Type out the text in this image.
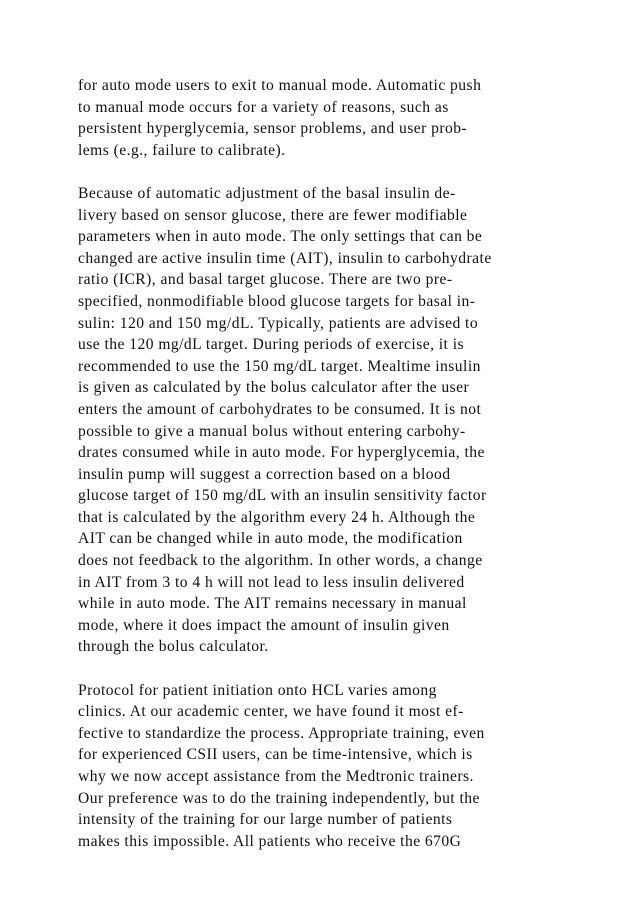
for auto mode users to exit to manual mode. Automatic push
to manual mode occurs for a variety of reasons, such as
persistent hyperglycemia, sensor problems, and user prob-
lems (e.g., failure to calibrate).

Because of automatic adjustment of the basal insulin de-
livery based on sensor glucose, there are fewer modifiable
parameters when in auto mode. The only settings that can be
changed are active insulin time (AIT), insulin to carbohydrate
ratio (ICR), and basal target glucose. There are two pre-
specified, nonmodifiable blood glucose targets for basal in-
sulin: 120 and 150 mg/dL. Typically, patients are advised to
use the 120 mg/dL target. During periods of exercise, it is
recommended to use the 150 mg/dL target. Mealtime insulin
is given as calculated by the bolus calculator after the user
enters the amount of carbohydrates to be consumed. It is not
possible to give a manual bolus without entering carbohy-
drates consumed while in auto mode. For hyperglycemia, the
insulin pump will suggest a correction based on a blood
glucose target of 150 mg/dL with an insulin sensitivity factor
that is calculated by the algorithm every 24 h. Although the
AIT can be changed while in auto mode, the modification
does not feedback to the algorithm. In other words, a change
in AIT from 3 to 4 h will not lead to less insulin delivered
while in auto mode. The AIT remains necessary in manual
mode, where it does impact the amount of insulin given
through the bolus calculator.

Protocol for patient initiation onto HCL varies among
clinics. At our academic center, we have found it most ef-
fective to standardize the process. Appropriate training, even
for experienced CSII users, can be time-intensive, which is
why we now accept assistance from the Medtronic trainers.
Our preference was to do the training independently, but the
intensity of the training for our large number of patients
makes this impossible. All patients who receive the 670G
